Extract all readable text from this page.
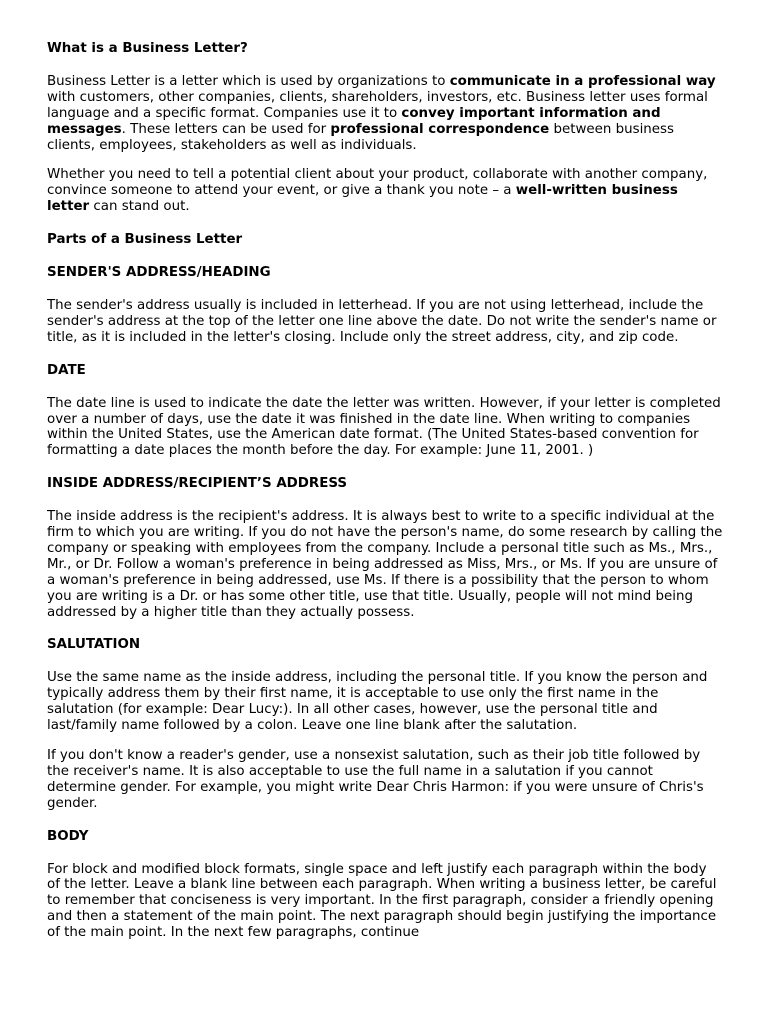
What is a Business Letter?

Business Letter is a letter which is used by organizations to communicate in a professional way with customers, other companies, clients, shareholders, investors, etc. Business letter uses formal language and a specific format. Companies use it to convey important information and messages. These letters can be used for professional correspondence between business clients, employees, stakeholders as well as individuals.

Whether you need to tell a potential client about your product, collaborate with another company, convince someone to attend your event, or give a thank you note – a well-written business letter can stand out.

Parts of a Business Letter
SENDER'S ADDRESS/HEADING

The sender's address usually is included in letterhead. If you are not using letterhead, include the sender's address at the top of the letter one line above the date. Do not write the sender's name or title, as it is included in the letter's closing. Include only the street address, city, and zip code.

DATE

The date line is used to indicate the date the letter was written. However, if your letter is completed over a number of days, use the date it was finished in the date line. When writing to companies within the United States, use the American date format. (The United States-based convention for formatting a date places the month before the day. For example: June 11, 2001. )

INSIDE ADDRESS/RECIPIENT’S ADDRESS

The inside address is the recipient's address. It is always best to write to a specific individual at the firm to which you are writing. If you do not have the person's name, do some research by calling the company or speaking with employees from the company. Include a personal title such as Ms., Mrs., Mr., or Dr. Follow a woman's preference in being addressed as Miss, Mrs., or Ms. If you are unsure of a woman's preference in being addressed, use Ms. If there is a possibility that the person to whom you are writing is a Dr. or has some other title, use that title. Usually, people will not mind being addressed by a higher title than they actually possess.

SALUTATION

Use the same name as the inside address, including the personal title. If you know the person and typically address them by their first name, it is acceptable to use only the first name in the salutation (for example: Dear Lucy:). In all other cases, however, use the personal title and last/family name followed by a colon. Leave one line blank after the salutation.

If you don't know a reader's gender, use a nonsexist salutation, such as their job title followed by the receiver's name. It is also acceptable to use the full name in a salutation if you cannot determine gender. For example, you might write Dear Chris Harmon: if you were unsure of Chris's gender.

BODY

For block and modified block formats, single space and left justify each paragraph within the body of the letter. Leave a blank line between each paragraph. When writing a business letter, be careful to remember that conciseness is very important. In the first paragraph, consider a friendly opening and then a statement of the main point. The next paragraph should begin justifying the importance of the main point. In the next few paragraphs, continue
